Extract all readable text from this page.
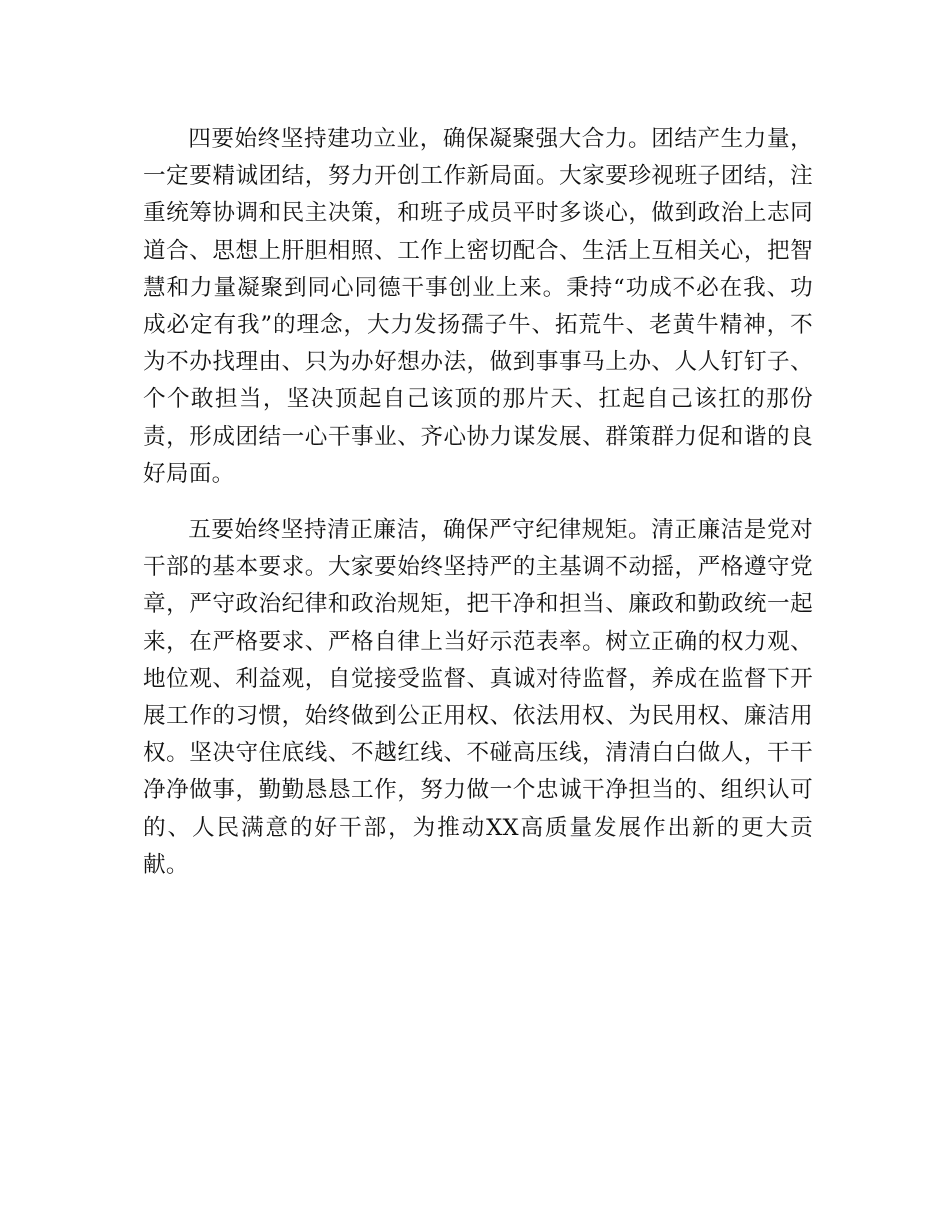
四要始终坚持建功立业，确保凝聚强大合力。团结产生力量，一定要精诚团结，努力开创工作新局面。大家要珍视班子团结，注重统筹协调和民主决策，和班子成员平时多谈心，做到政治上志同道合、思想上肝胆相照、工作上密切配合、生活上互相关心，把智慧和力量凝聚到同心同德干事创业上来。秉持“功成不必在我、功成必定有我”的理念，大力发扬孺子牛、拓荒牛、老黄牛精神，不为不办找理由、只为办好想办法，做到事事马上办、人人钉钉子、个个敢担当，坚决顶起自己该顶的那片天、扛起自己该扛的那份责，形成团结一心干事业、齐心协力谋发展、群策群力促和谐的良好局面。

五要始终坚持清正廉洁，确保严守纪律规矩。清正廉洁是党对干部的基本要求。大家要始终坚持严的主基调不动摇，严格遵守党章，严守政治纪律和政治规矩，把干净和担当、廉政和勤政统一起来，在严格要求、严格自律上当好示范表率。树立正确的权力观、地位观、利益观，自觉接受监督、真诚对待监督，养成在监督下开展工作的习惯，始终做到公正用权、依法用权、为民用权、廉洁用权。坚决守住底线、不越红线、不碰高压线，清清白白做人，干干净净做事，勤勤恳恳工作，努力做一个忠诚干净担当的、组织认可的、人民满意的好干部，为推动XX高质量发展作出新的更大贡献。
